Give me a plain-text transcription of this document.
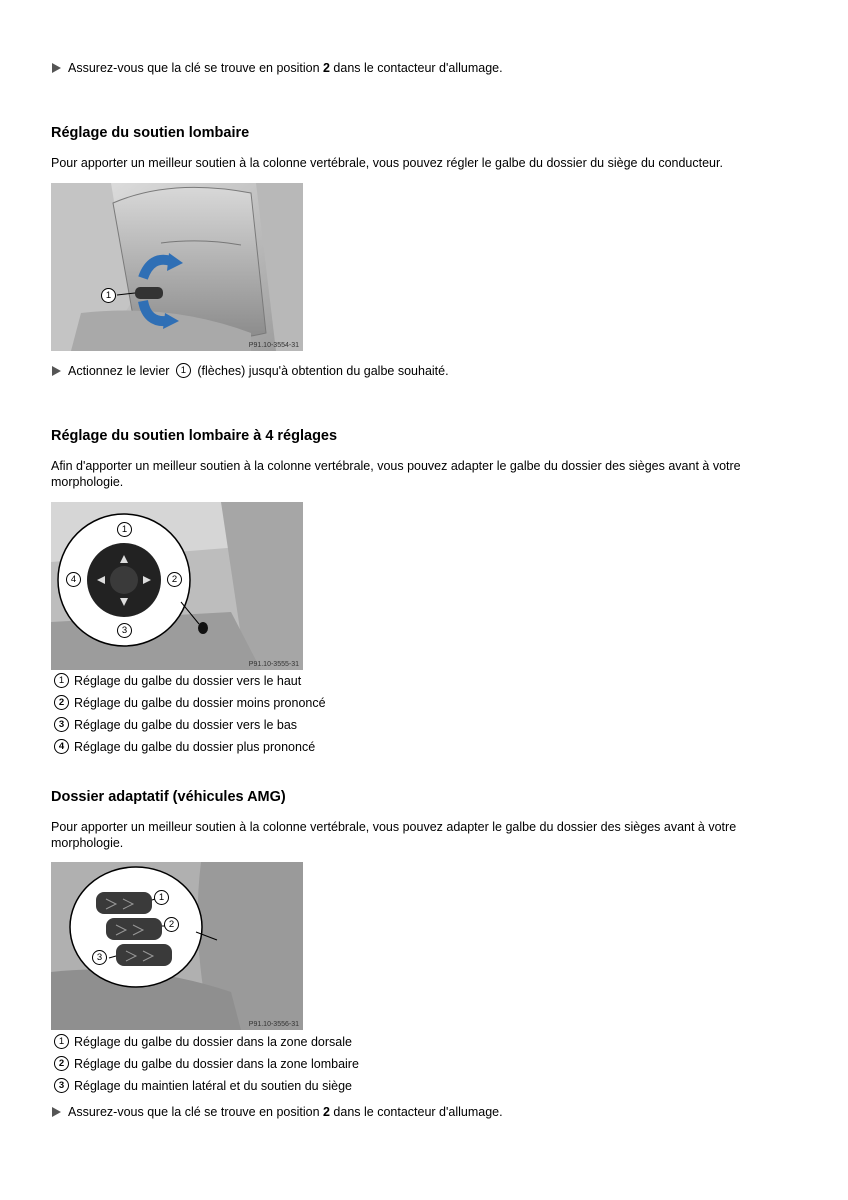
Assurez-vous que la clé se trouve en position 2 dans le contacteur d'allumage.
Réglage du soutien lombaire
Pour apporter un meilleur soutien à la colonne vertébrale, vous pouvez régler le galbe du dossier du siège du conducteur.
1
P91.10-3554-31
Actionnez le levier 1 (flèches) jusqu'à obtention du galbe souhaité.
Réglage du soutien lombaire à 4 réglages
Afin d'apporter un meilleur soutien à la colonne vertébrale, vous pouvez adapter le galbe du dossier des sièges avant à votre morphologie.
1
2
3
4
P91.10-3555-31
1 Réglage du galbe du dossier vers le haut
2 Réglage du galbe du dossier moins prononcé
3 Réglage du galbe du dossier vers le bas
4 Réglage du galbe du dossier plus prononcé
Dossier adaptatif (véhicules AMG)
Pour apporter un meilleur soutien à la colonne vertébrale, vous pouvez adapter le galbe du dossier des sièges avant à votre morphologie.
1
2
3
P91.10-3556-31
1 Réglage du galbe du dossier dans la zone dorsale
2 Réglage du galbe du dossier dans la zone lombaire
3 Réglage du maintien latéral et du soutien du siège
Assurez-vous que la clé se trouve en position 2 dans le contacteur d'allumage.
